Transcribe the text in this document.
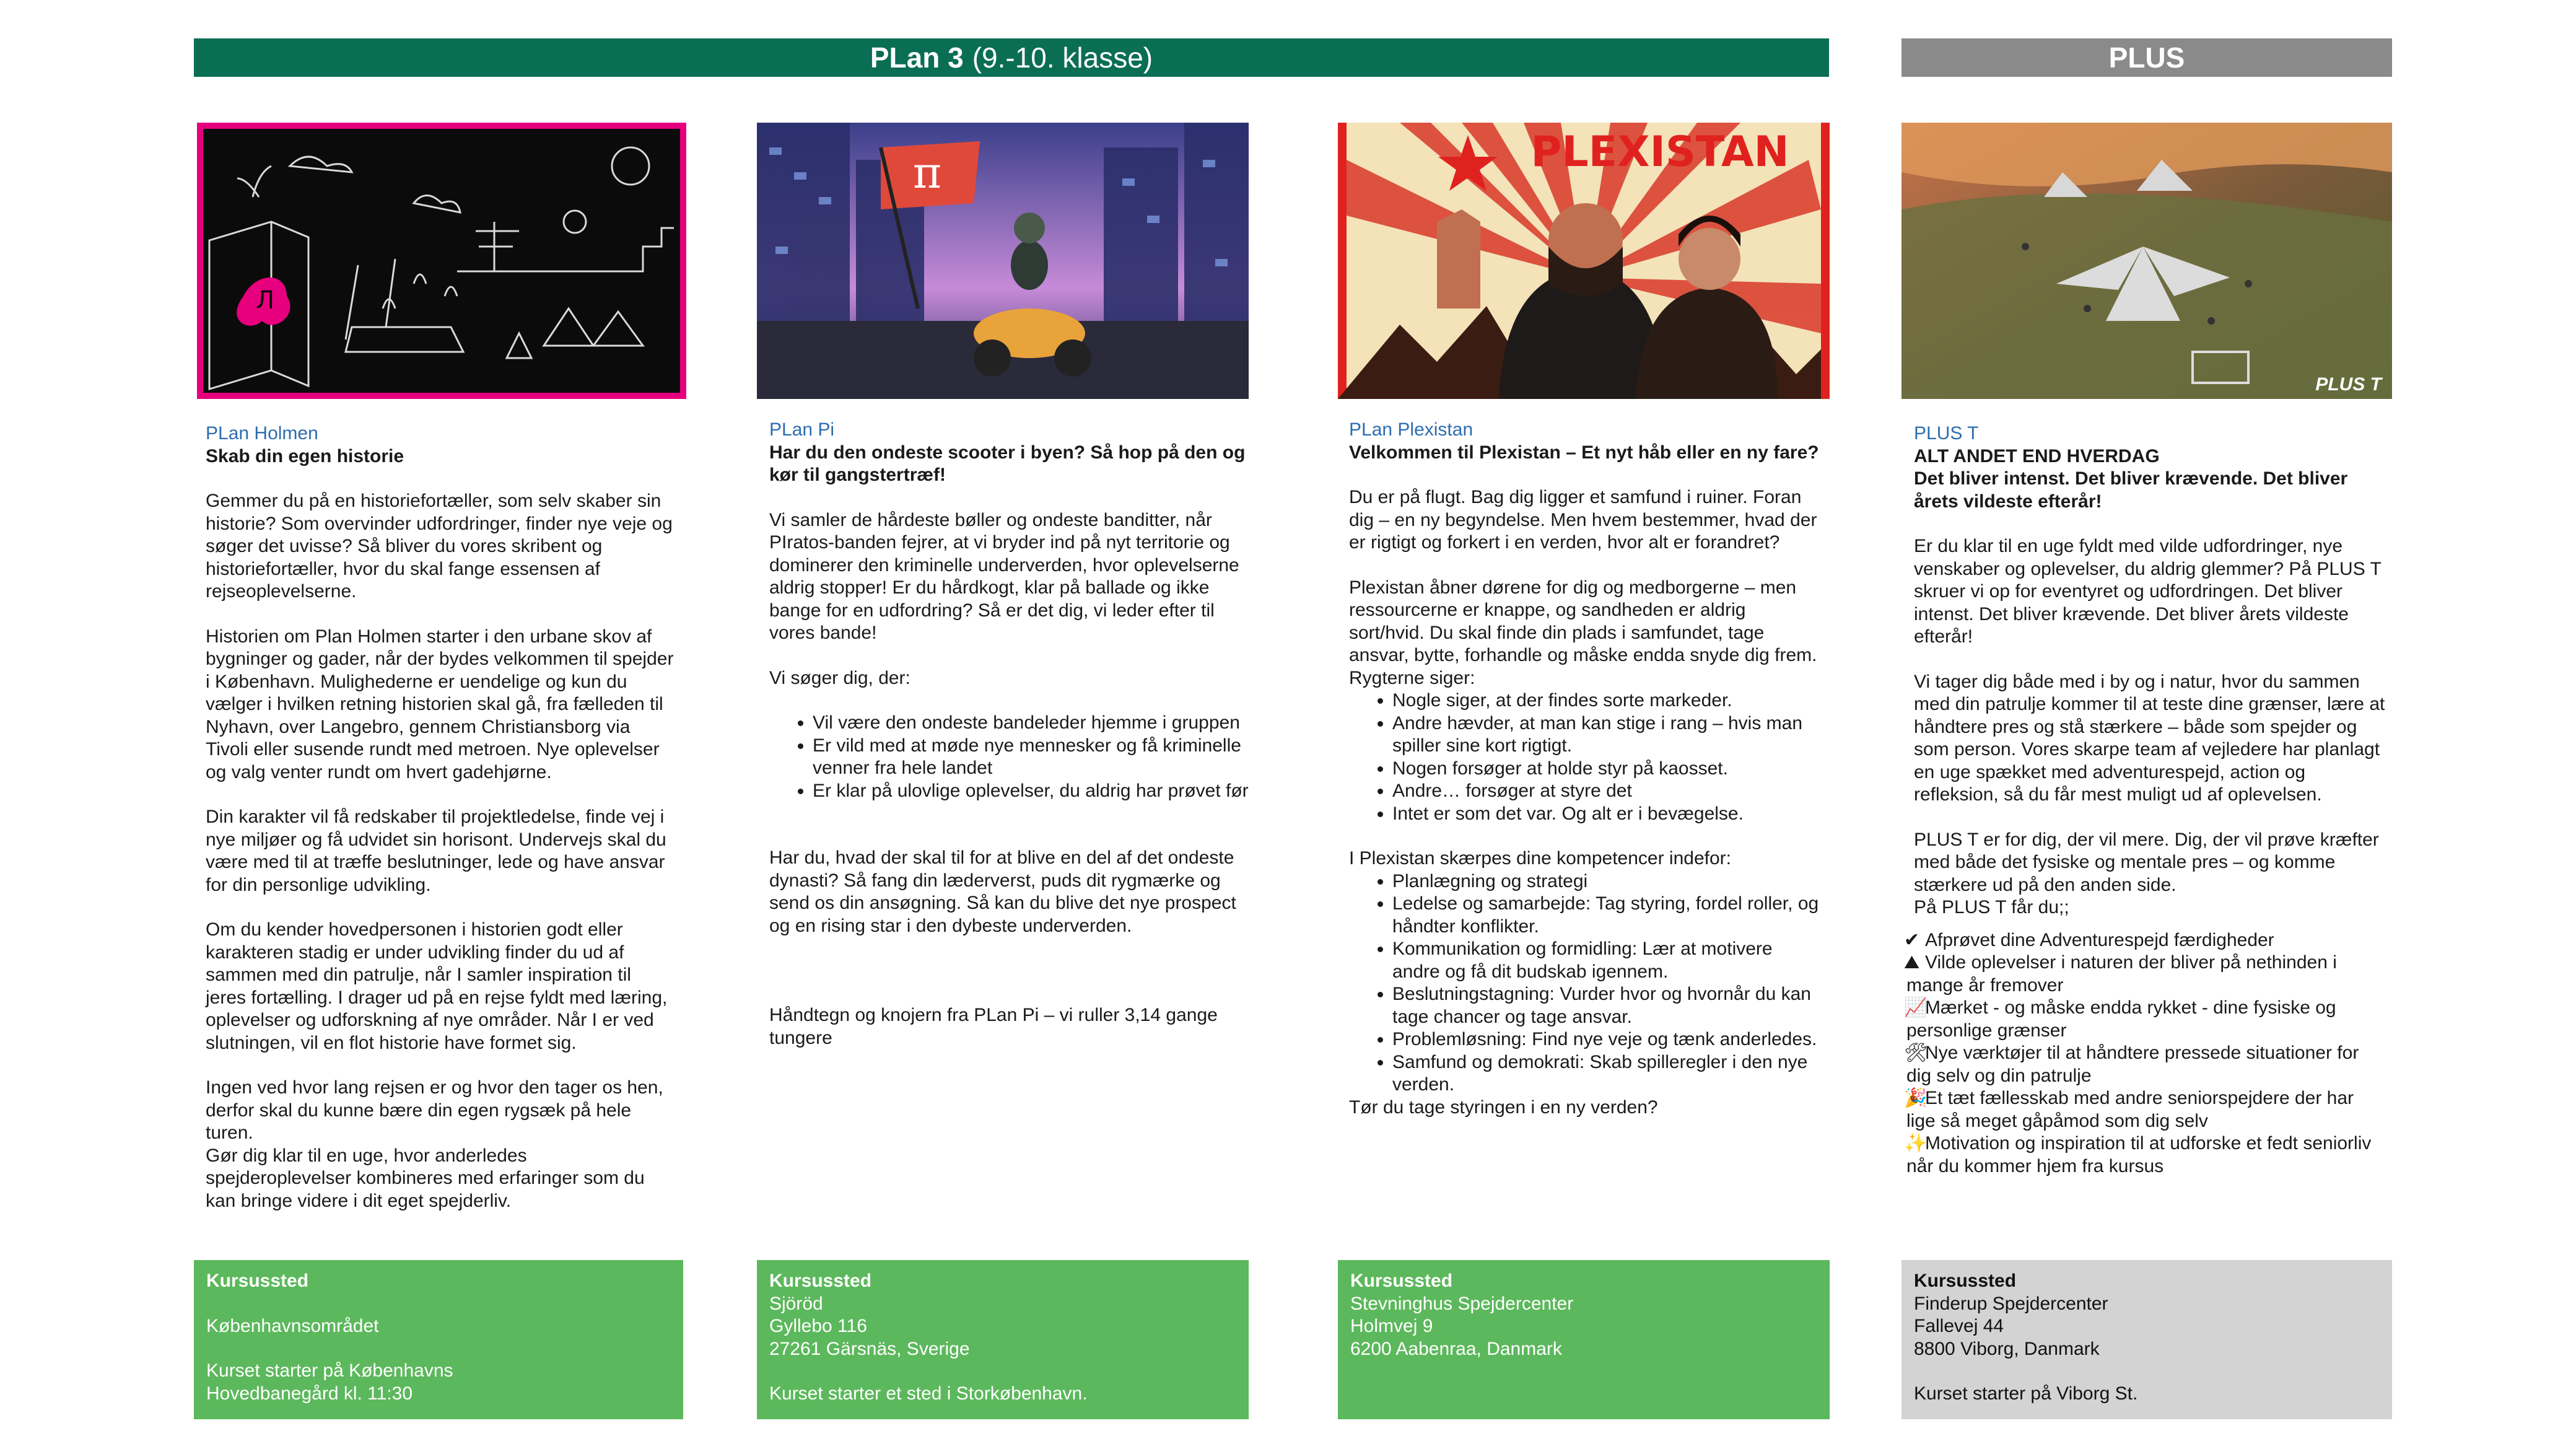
PLan 3 (9.-10. klasse)	PLUS
Л
π	PLEXISTAN
PLUS T
PLan Holmen
Skab din egen historie

Gemmer du på en historiefortæller, som selv skaber sin historie? Som overvinder udfordringer, finder nye veje og søger det uvisse? Så bliver du vores skribent og historiefortæller, hvor du skal fange essensen af rejseoplevelserne.

Historien om Plan Holmen starter i den urbane skov af bygninger og gader, når der bydes velkommen til spejder i København. Mulighederne er uendelige og kun du vælger i hvilken retning historien skal gå, fra fælleden til Nyhavn, over Langebro, gennem Christiansborg via Tivoli eller susende rundt med metroen. Nye oplevelser og valg venter rundt om hvert gadehjørne.

Din karakter vil få redskaber til projektledelse, finde vej i nye miljøer og få udvidet sin horisont. Undervejs skal du være med til at træffe beslutninger, lede og have ansvar for din personlige udvikling.

Om du kender hovedpersonen i historien godt eller karakteren stadig er under udvikling finder du ud af sammen med din patrulje, når I samler inspiration til jeres fortælling. I drager ud på en rejse fyldt med læring, oplevelser og udforskning af nye områder. Når I er ved slutningen, vil en flot historie have formet sig.

Ingen ved hvor lang rejsen er og hvor den tager os hen, derfor skal du kunne bære din egen rygsæk på hele turen.

Gør dig klar til en uge, hvor anderledes spejderoplevelser kombineres med erfaringer som du kan bringe videre i dit eget spejderliv.

PLan Pi
Har du den ondeste scooter i byen? Så hop på den og kør til gangstertræf!

Vi samler de hårdeste bøller og ondeste banditter, når PIratos-banden fejrer, at vi bryder ind på nyt territorie og dominerer den kriminelle underverden, hvor oplevelserne aldrig stopper! Er du hårdkogt, klar på ballade og ikke bange for en udfordring? Så er det dig, vi leder efter til vores bande!

Vi søger dig, der:

• Vil være den ondeste bandeleder hjemme i gruppen
• Er vild med at møde nye mennesker og få kriminelle venner fra hele landet
• Er klar på ulovlige oplevelser, du aldrig har prøvet før

Har du, hvad der skal til for at blive en del af det ondeste dynasti? Så fang din læderverst, puds dit rygmærke og send os din ansøgning. Så kan du blive det nye prospect og en rising star i den dybeste underverden.

Håndtegn og knojern fra PLan Pi – vi ruller 3,14 gange tungere

PLan Plexistan
Velkommen til Plexistan – Et nyt håb eller en ny fare?

Du er på flugt. Bag dig ligger et samfund i ruiner. Foran dig – en ny begyndelse. Men hvem bestemmer, hvad der er rigtigt og forkert i en verden, hvor alt er forandret?

Plexistan åbner dørene for dig og medborgerne – men ressourcerne er knappe, og sandheden er aldrig sort/hvid. Du skal finde din plads i samfundet, tage ansvar, bytte, forhandle og måske endda snyde dig frem.

Rygterne siger:
• Nogle siger, at der findes sorte markeder.
• Andre hævder, at man kan stige i rang – hvis man spiller sine kort rigtigt.
• Nogen forsøger at holde styr på kaosset.
• Andre… forsøger at styre det
• Intet er som det var. Og alt er i bevægelse.
I Plexistan skærpes dine kompetencer indefor:
• Planlægning og strategi
• Ledelse og samarbejde: Tag styring, fordel roller, og håndter konflikter.
• Kommunikation og formidling: Lær at motivere andre og få dit budskab igennem.
• Beslutningstagning: Vurder hvor og hvornår du kan tage chancer og tage ansvar.
• Problemløsning: Find nye veje og tænk anderledes.
• Samfund og demokrati: Skab spilleregler i den nye verden.
Tør du tage styringen i en ny verden?
PLUS T
ALT ANDET END HVERDAG
Det bliver intenst. Det bliver krævende. Det bliver årets vildeste efterår!

Er du klar til en uge fyldt med vilde udfordringer, nye venskaber og oplevelser, du aldrig glemmer? På PLUS T skruer vi op for eventyret og udfordringen. Det bliver intenst. Det bliver krævende. Det bliver årets vildeste efterår!

Vi tager dig både med i by og i natur, hvor du sammen med din patrulje kommer til at teste dine grænser, lære at håndtere pres og stå stærkere – både som spejder og som person. Vores skarpe team af vejledere har planlagt en uge spækket med adventurespejd, action og refleksion, så du får mest muligt ud af oplevelsen.

PLUS T er for dig, der vil mere. Dig, der vil prøve kræfter med både det fysiske og mentale pres – og komme stærkere ud på den anden side.

På PLUS T får du;;

✔ Afprøvet dine Adventurespejd færdigheder
⛰ Vilde oplevelser i naturen der bliver på nethinden i mange år fremover
📈Mærket - og måske endda rykket - dine fysiske og personlige grænser
🛠Nye værktøjer til at håndtere pressede situationer for dig selv og din patrulje
🎉Et tæt fællesskab med andre seniorspejdere der har lige så meget gåpåmod som dig selv
✨Motivation og inspiration til at udforske et fedt seniorliv når du kommer hjem fra kursus
Kursussted
Københavnsområdet
Kurset starter på Københavns
Hovedbanegård kl. 11:30
Kursussted
Sjöröd
Gyllebo 116
27261 Gärsnäs, Sverige
Kurset starter et sted i Storkøbenhavn.
Kursussted
Stevninghus Spejdercenter
Holmvej 9
6200 Aabenraa, Danmark
Kursussted
Finderup Spejdercenter
Fallevej 44
8800 Viborg, Danmark
Kurset starter på Viborg St.
